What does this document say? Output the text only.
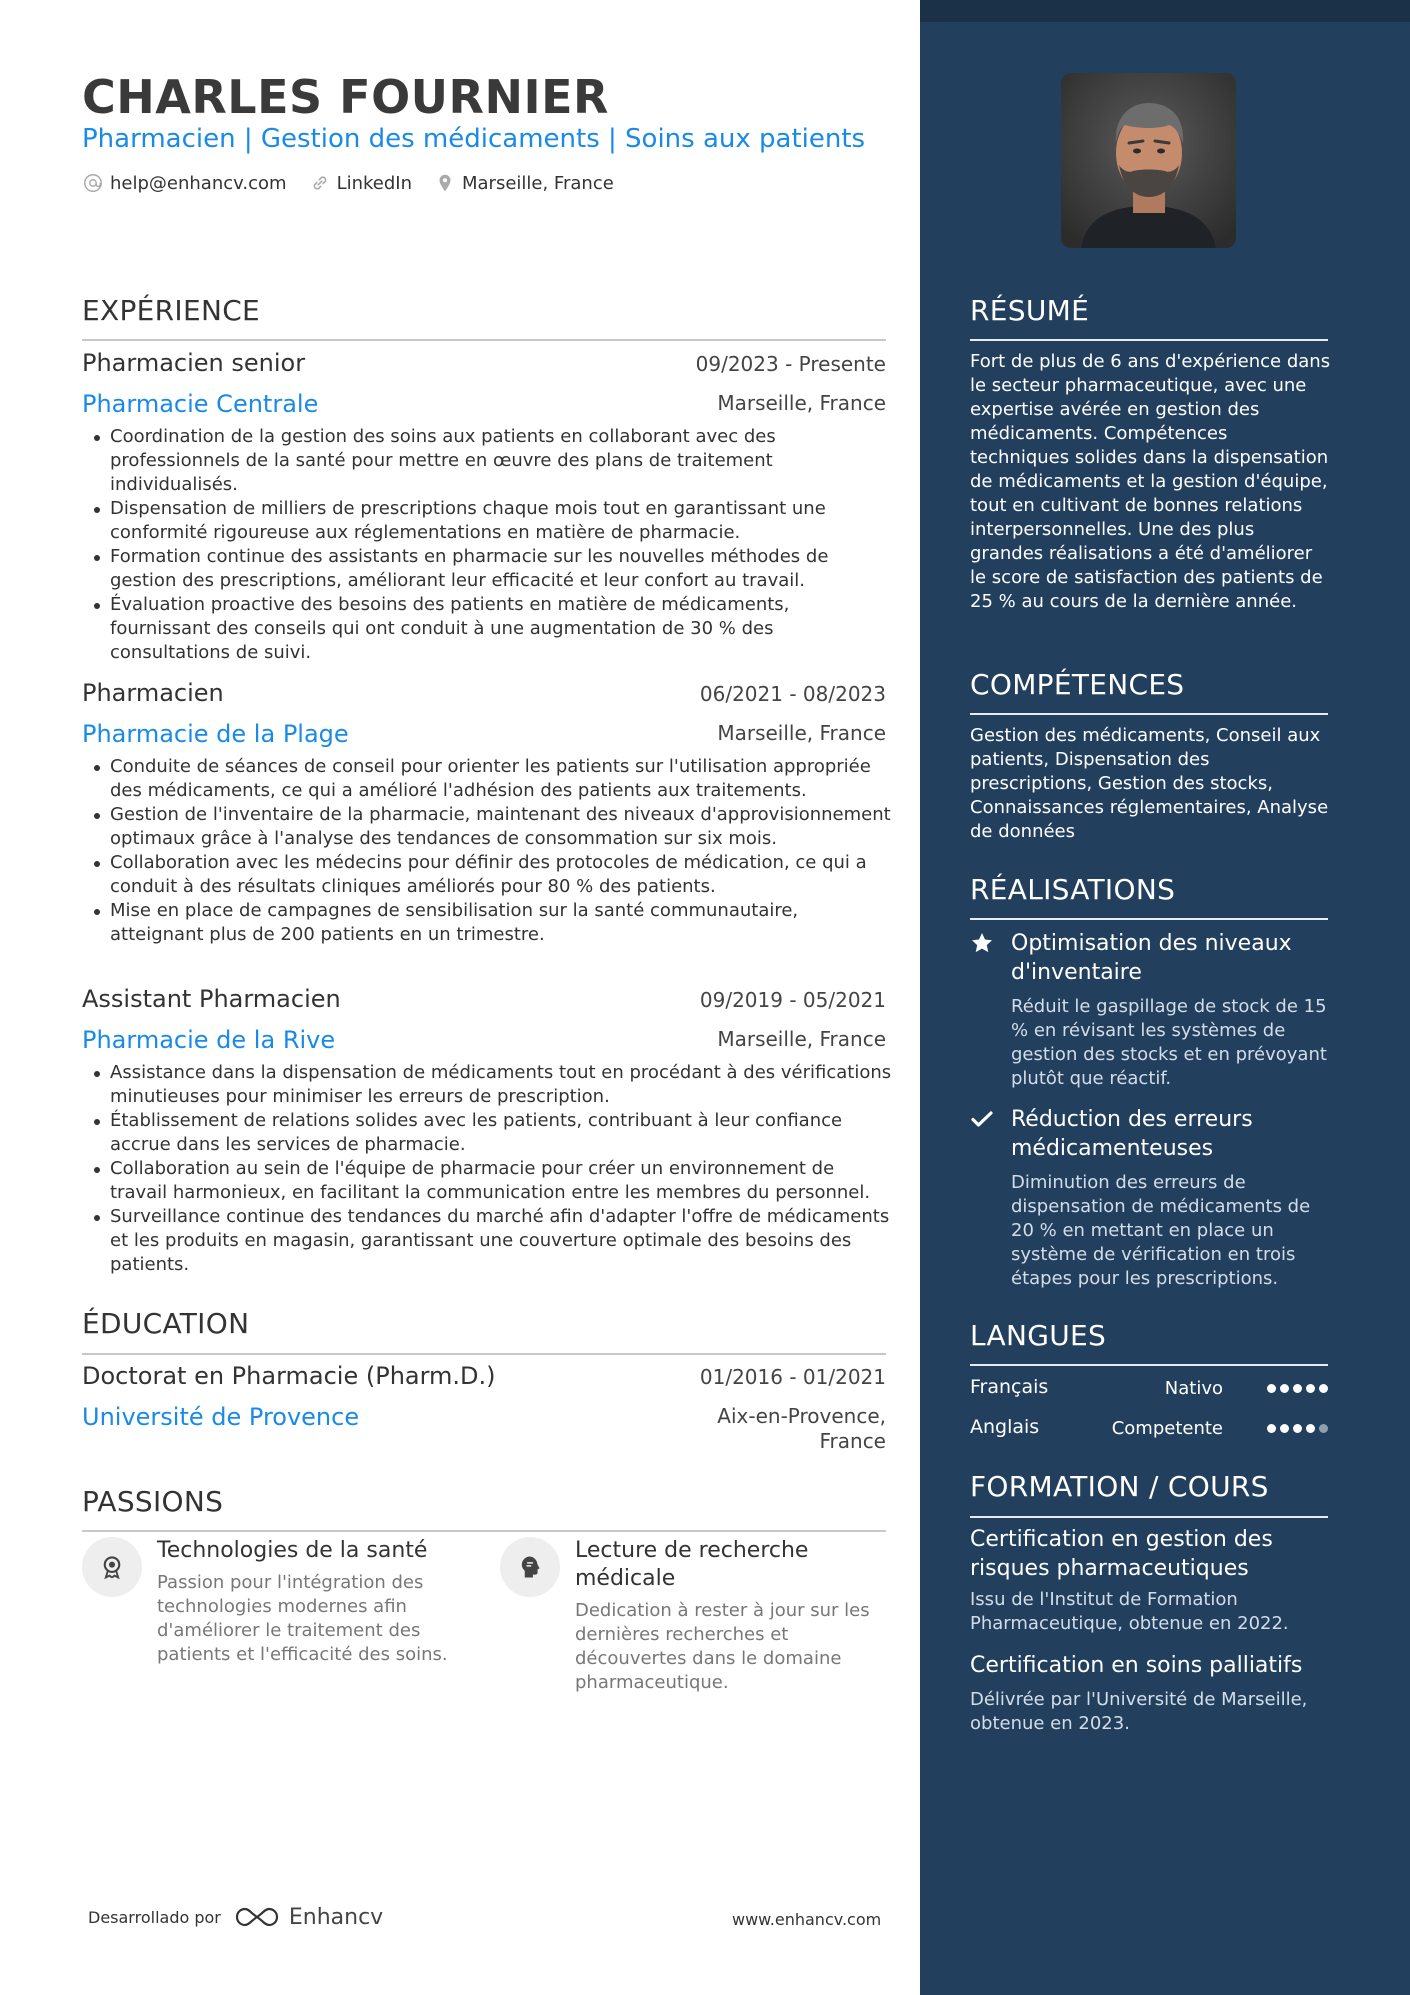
CHARLES FOURNIER
Pharmacien | Gestion des médicaments | Soins aux patients
help@enhancv.com	LinkedIn	Marseille, France
EXPÉRIENCE
Pharmacien senior	09/2023 - Presente
Pharmacie Centrale	Marseille, France
Coordination de la gestion des soins aux patients en collaborant avec des professionnels de la santé pour mettre en œuvre des plans de traitement individualisés.
Dispensation de milliers de prescriptions chaque mois tout en garantissant une conformité rigoureuse aux réglementations en matière de pharmacie.
Formation continue des assistants en pharmacie sur les nouvelles méthodes de gestion des prescriptions, améliorant leur efficacité et leur confort au travail.
Évaluation proactive des besoins des patients en matière de médicaments, fournissant des conseils qui ont conduit à une augmentation de 30 % des consultations de suivi.
Pharmacien	06/2021 - 08/2023
Pharmacie de la Plage	Marseille, France
Conduite de séances de conseil pour orienter les patients sur l'utilisation appropriée des médicaments, ce qui a amélioré l'adhésion des patients aux traitements.
Gestion de l'inventaire de la pharmacie, maintenant des niveaux d'approvisionnement optimaux grâce à l'analyse des tendances de consommation sur six mois.
Collaboration avec les médecins pour définir des protocoles de médication, ce qui a conduit à des résultats cliniques améliorés pour 80 % des patients.
Mise en place de campagnes de sensibilisation sur la santé communautaire, atteignant plus de 200 patients en un trimestre.
Assistant Pharmacien	09/2019 - 05/2021
Pharmacie de la Rive	Marseille, France
Assistance dans la dispensation de médicaments tout en procédant à des vérifications minutieuses pour minimiser les erreurs de prescription.
Établissement de relations solides avec les patients, contribuant à leur confiance accrue dans les services de pharmacie.
Collaboration au sein de l'équipe de pharmacie pour créer un environnement de travail harmonieux, en facilitant la communication entre les membres du personnel.
Surveillance continue des tendances du marché afin d'adapter l'offre de médicaments et les produits en magasin, garantissant une couverture optimale des besoins des patients.
ÉDUCATION
Doctorat en Pharmacie (Pharm.D.)	01/2016 - 01/2021
Université de Provence	Aix-en-Provence,
France
PASSIONS
Technologies de la santé
Passion pour l'intégration des technologies modernes afin d'améliorer le traitement des patients et l'efficacité des soins.
Lecture de recherche
médicale
Dedication à rester à jour sur les dernières recherches et découvertes dans le domaine pharmaceutique.
Desarrollado por	Enhancv	www.enhancv.com
RÉSUMÉ
Fort de plus de 6 ans d'expérience dans le secteur pharmaceutique, avec une expertise avérée en gestion des médicaments. Compétences techniques solides dans la dispensation de médicaments et la gestion d'équipe, tout en cultivant de bonnes relations interpersonnelles. Une des plus grandes réalisations a été d'améliorer le score de satisfaction des patients de 25 % au cours de la dernière année.
COMPÉTENCES
Gestion des médicaments, Conseil aux patients, Dispensation des prescriptions, Gestion des stocks, Connaissances réglementaires, Analyse de données
RÉALISATIONS
Optimisation des niveaux d'inventaire
Réduit le gaspillage de stock de 15 % en révisant les systèmes de gestion des stocks et en prévoyant plutôt que réactif.
Réduction des erreurs médicamenteuses
Diminution des erreurs de dispensation de médicaments de 20 % en mettant en place un système de vérification en trois étapes pour les prescriptions.
LANGUES
Français	Nativo
Anglais	Competente
FORMATION / COURS
Certification en gestion des risques pharmaceutiques
Issu de l'Institut de Formation Pharmaceutique, obtenue en 2022.
Certification en soins palliatifs
Délivrée par l'Université de Marseille, obtenue en 2023.
